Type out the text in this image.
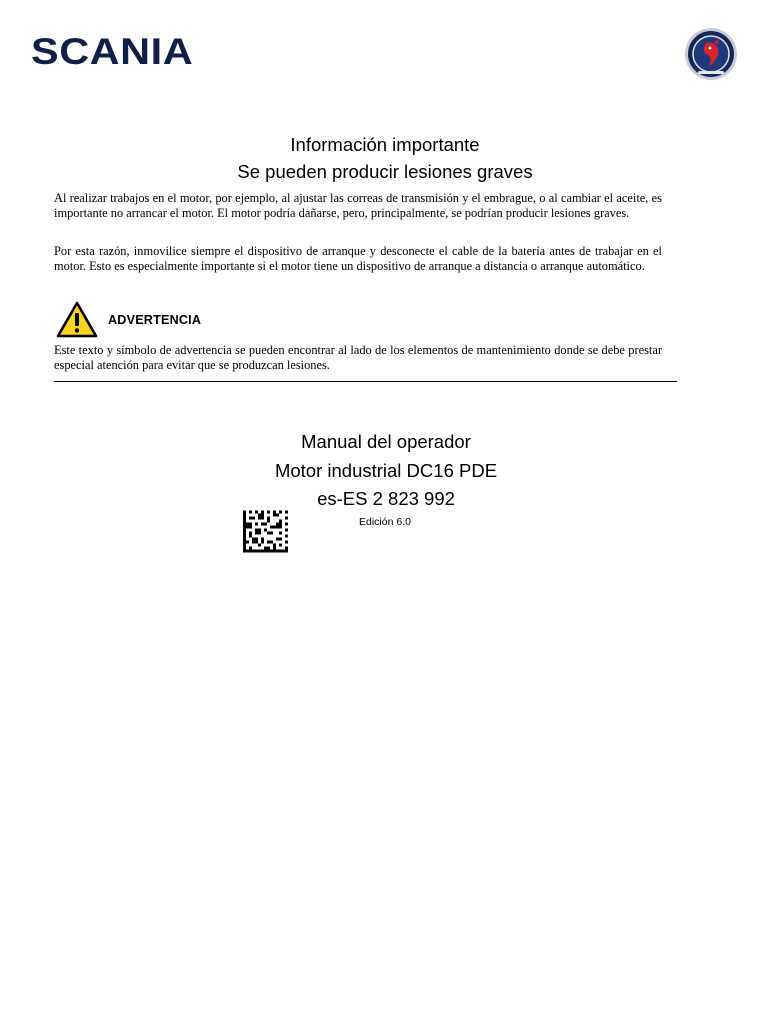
SCANIA
Información importante
Se pueden producir lesiones graves

Al realizar trabajos en el motor, por ejemplo, al ajustar las correas de transmisión y el embrague, o al cambiar el aceite, es importante no arrancar el motor. El motor podría dañarse, pero, principalmente, se podrían producir lesiones graves.

Por esta razón, inmovilice siempre el dispositivo de arranque y desconecte el cable de la batería antes de trabajar en el motor. Esto es especialmente importante si el motor tiene un dispositivo de arranque a distancia o arranque automático.

ADVERTENCIA

Este texto y símbolo de advertencia se pueden encontrar al lado de los elementos de mantenimiento donde se debe prestar especial atención para evitar que se produzcan lesiones.

Manual del operador
Motor industrial DC16 PDE
es-ES 2 823 992
Edición 6.0
